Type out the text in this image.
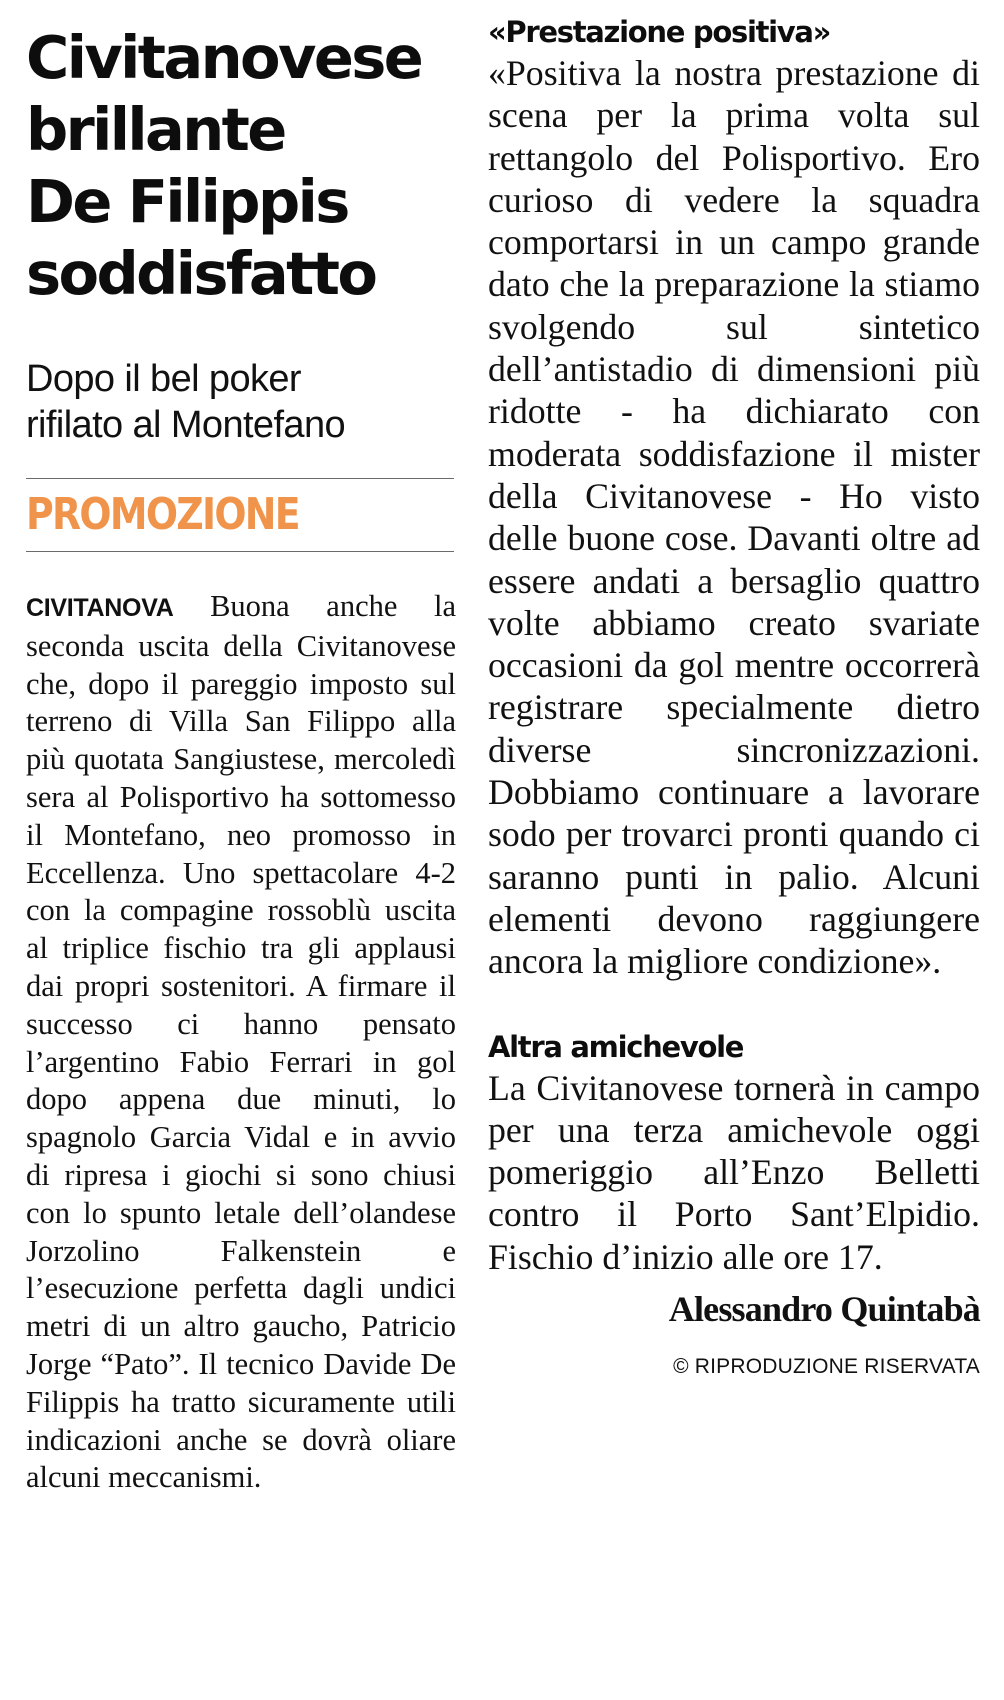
Civitanovese
brillante
De Filippis
soddisfatto
Dopo il bel poker
rifilato al Montefano
PROMOZIONE
CIVITANOVA Buona anche la seconda uscita della Civitanovese che, dopo il pareggio imposto sul terreno di Villa San Filippo alla più quotata Sangiustese, mercoledì sera al Polisportivo ha sottomesso il Montefano, neo promosso in Eccellenza. Uno spettacolare 4-2 con la compagine rossoblù uscita al triplice fischio tra gli applausi dai propri sostenitori. A firmare il successo ci hanno pensato l’argentino Fabio Ferrari in gol dopo appena due minuti, lo spagnolo Garcia Vidal e in avvio di ripresa i giochi si sono chiusi con lo spunto letale dell’olandese Jorzolino Falkenstein e l’esecuzione perfetta dagli undici metri di un altro gaucho, Patricio Jorge “Pato”. Il tecnico Davide De Filippis ha tratto sicuramente utili indicazioni anche se dovrà oliare alcuni meccanismi.
«Prestazione positiva»

«Positiva la nostra prestazione di scena per la prima volta sul rettangolo del Polisportivo. Ero curioso di vedere la squadra comportarsi in un campo grande dato che la preparazione la stiamo svolgendo sul sintetico dell’antistadio di dimensioni più ridotte - ha dichiarato con moderata soddisfazione il mister della Civitanovese - Ho visto delle buone cose. Davanti oltre ad essere andati a bersaglio quattro volte abbiamo creato svariate occasioni da gol mentre occorrerà registrare specialmente dietro diverse sincronizzazioni. Dobbiamo continuare a lavorare sodo per trovarci pronti quando ci saranno punti in palio. Alcuni elementi devono raggiungere ancora la migliore condizione».

Altra amichevole

La Civitanovese tornerà in campo per una terza amichevole oggi pomeriggio all’Enzo Belletti contro il Porto Sant’Elpidio. Fischio d’inizio alle ore 17.

Alessandro Quintabà
© RIPRODUZIONE RISERVATA
